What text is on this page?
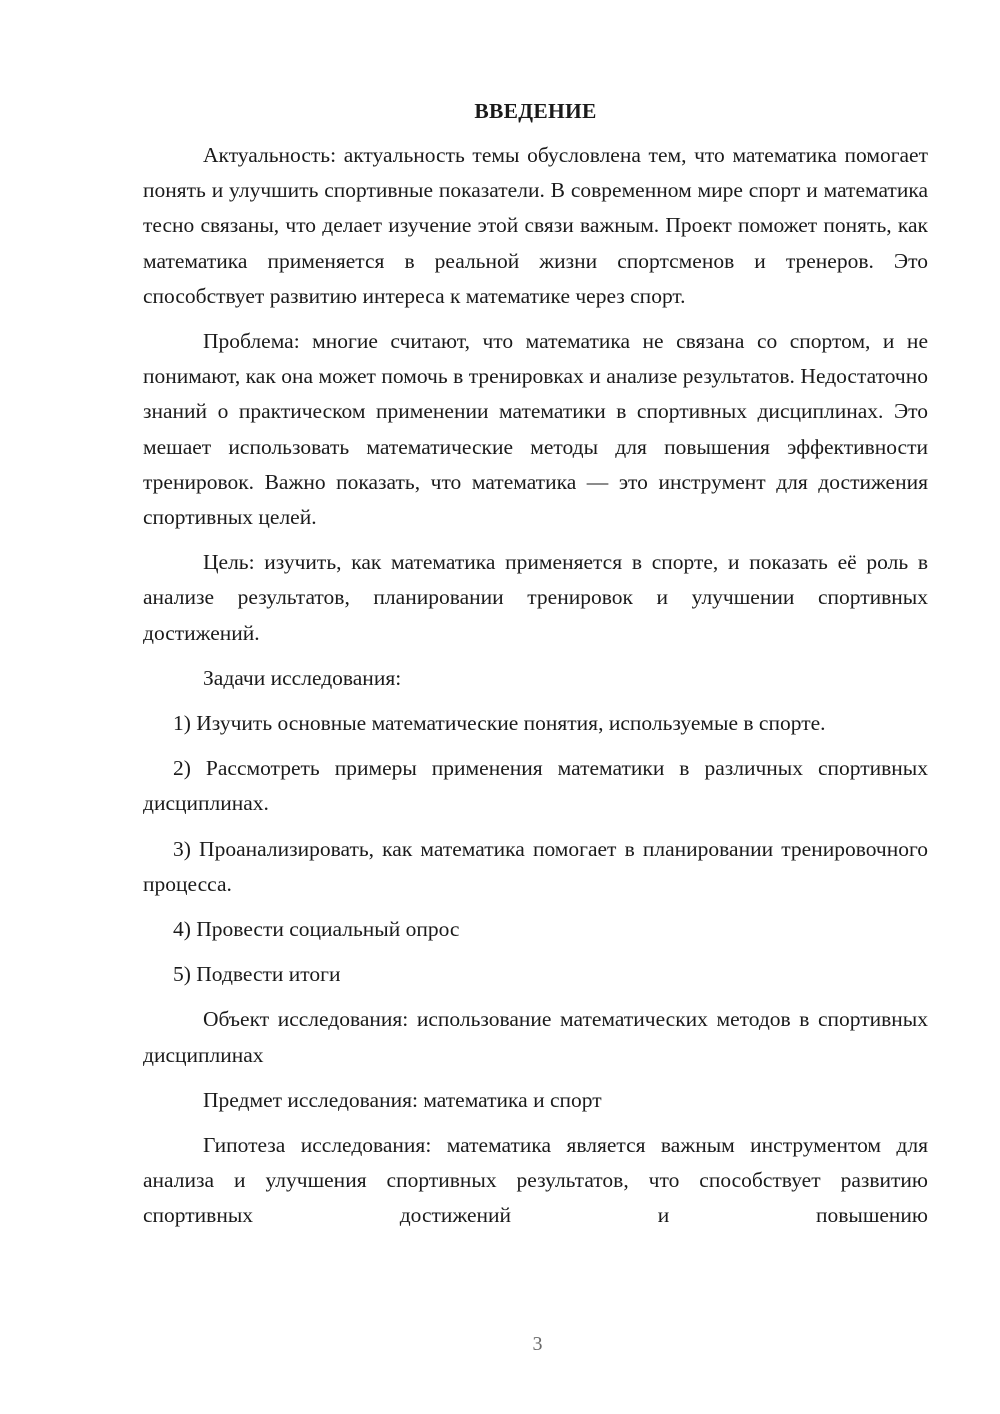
ВВЕДЕНИЕ

Актуальность: актуальность темы обусловлена тем, что математика помогает понять и улучшить спортивные показатели. В современном мире спорт и математика тесно связаны, что делает изучение этой связи важным. Проект поможет понять, как математика применяется в реальной жизни спортсменов и тренеров. Это способствует развитию интереса к математике через спорт.

Проблема: многие считают, что математика не связана со спортом, и не понимают, как она может помочь в тренировках и анализе результатов. Недостаточно знаний о практическом применении математики в спортивных дисциплинах. Это мешает использовать математические методы для повышения эффективности тренировок. Важно показать, что математика — это инструмент для достижения спортивных целей.

Цель: изучить, как математика применяется в спорте, и показать её роль в анализе результатов, планировании тренировок и улучшении спортивных достижений.

Задачи исследования:

1) Изучить основные математические понятия, используемые в спорте.

2) Рассмотреть примеры применения математики в различных спортивных дисциплинах.

3) Проанализировать, как математика помогает в планировании тренировочного процесса.

4) Провести социальный опрос

5) Подвести итоги

Объект исследования: использование математических методов в спортивных дисциплинах

Предмет исследования: математика и спорт

Гипотеза исследования: математика является важным инструментом для анализа и улучшения спортивных результатов, что способствует развитию спортивных достижений и повышению

3
